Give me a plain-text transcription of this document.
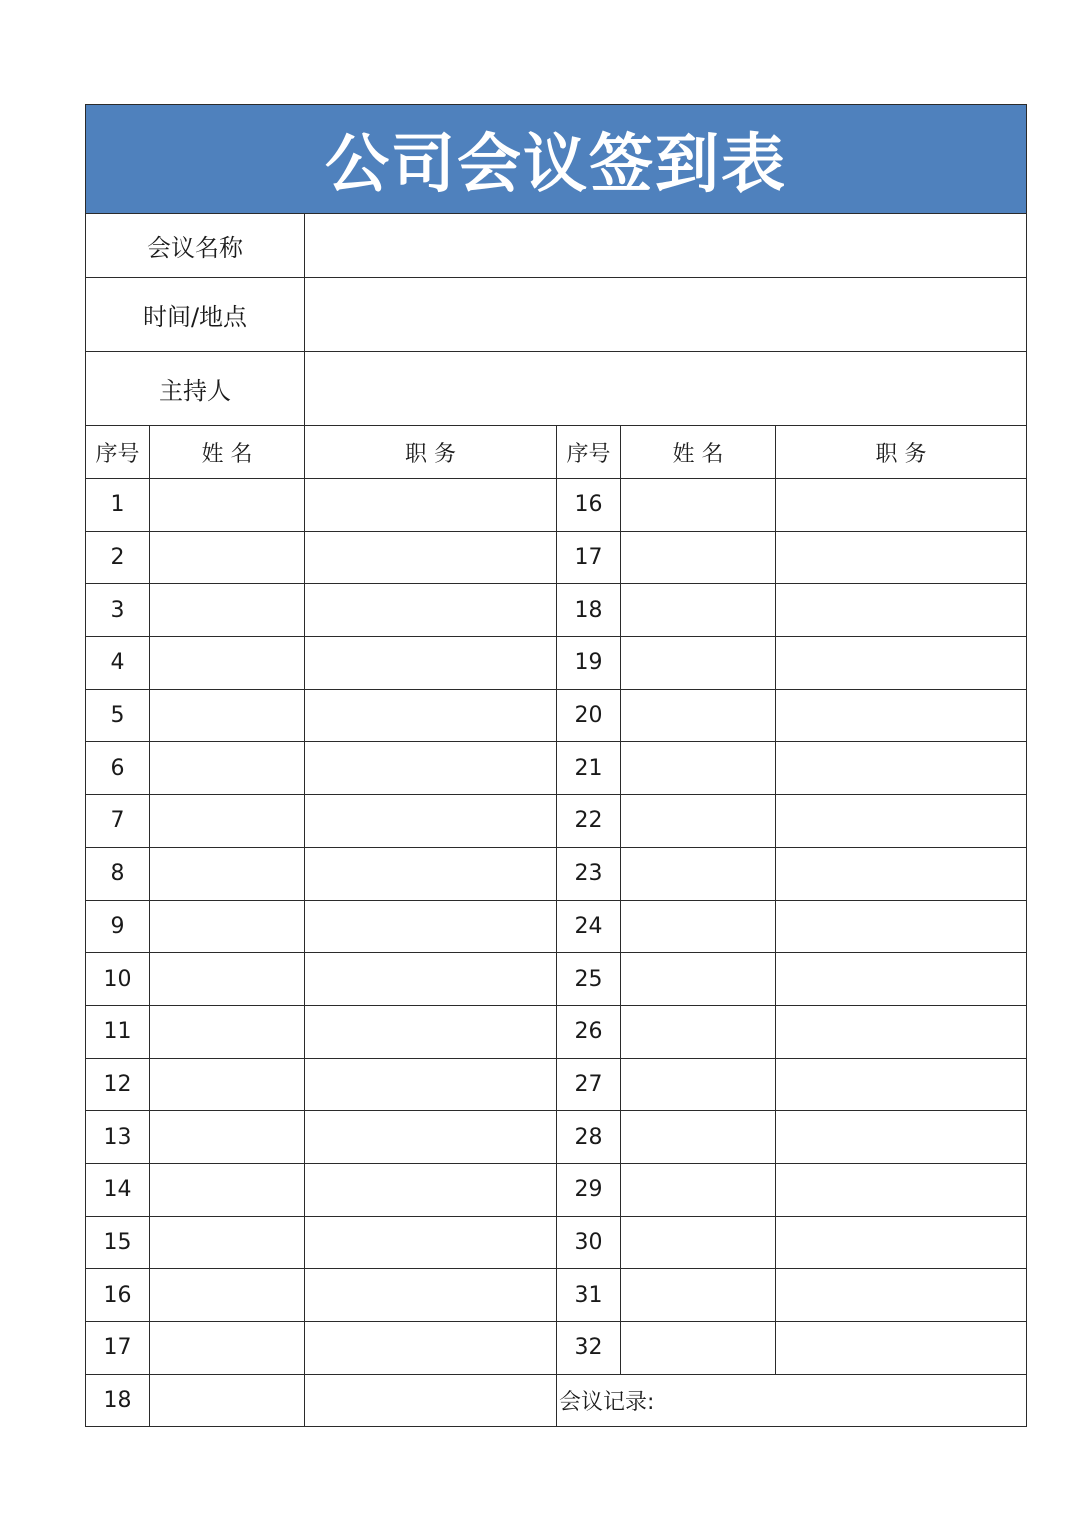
公司会议签到表					
会议名称					
时间/地点					
主持人					
序号	姓 名	职 务	序号	姓 名	职 务
1			16		
2			17		
3			18		
4			19		
5			20		
6			21		
7			22		
8			23		
9			24		
10			25		
11			26		
12			27		
13			28		
14			29		
15			30		
16			31		
17			32		
18			会议记录:		
